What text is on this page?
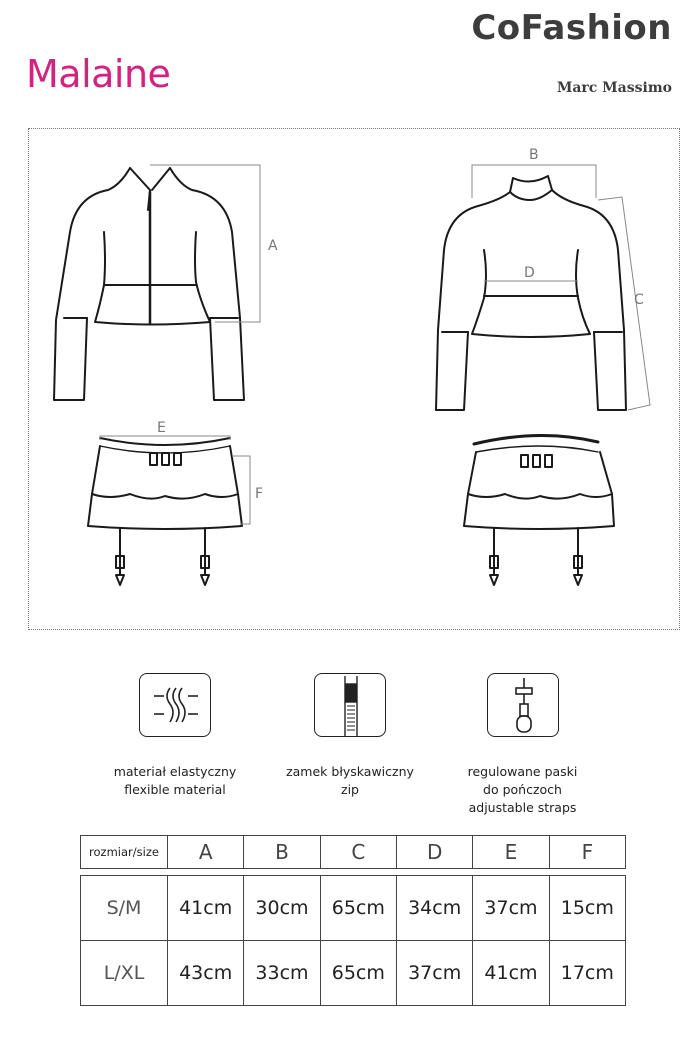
CoFashion
Marc Massimo
Malaine
A
B
C
D
E
F
materiał elastyczny
flexible material
zamek błyskawiczny
zip
regulowane paski
do pończoch
adjustable straps
rozmiar/size	A	B	C	D	E	F

S/M	41cm	30cm	65cm	34cm	37cm	15cm
L/XL	43cm	33cm	65cm	37cm	41cm	17cm
